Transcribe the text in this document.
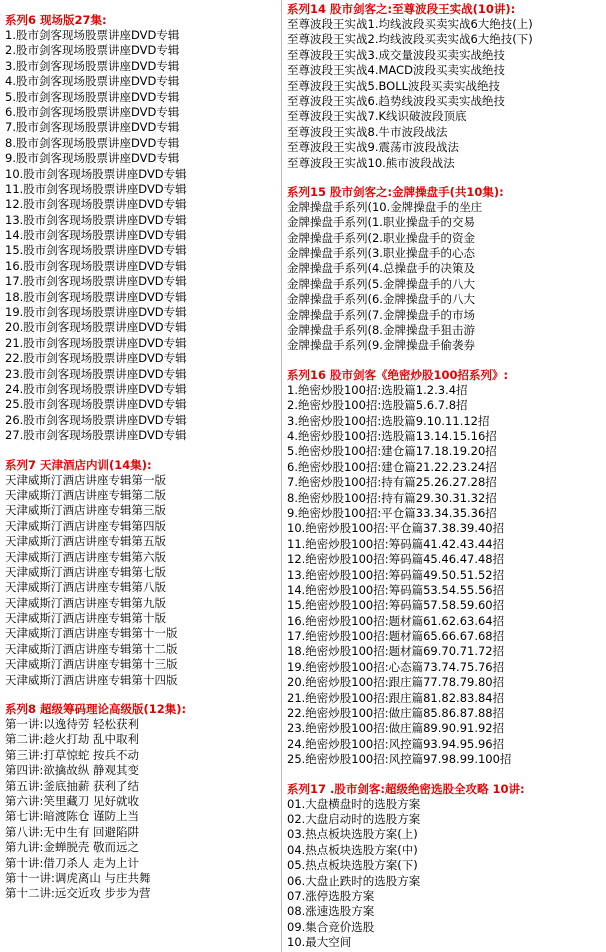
系列6 现场版27集:
1.股市剑客现场股票讲座DVD专辑
2.股市剑客现场股票讲座DVD专辑
3.股市剑客现场股票讲座DVD专辑
4.股市剑客现场股票讲座DVD专辑
5.股市剑客现场股票讲座DVD专辑
6.股市剑客现场股票讲座DVD专辑
7.股市剑客现场股票讲座DVD专辑
8.股市剑客现场股票讲座DVD专辑
9.股市剑客现场股票讲座DVD专辑
10.股市剑客现场股票讲座DVD专辑
11.股市剑客现场股票讲座DVD专辑
12.股市剑客现场股票讲座DVD专辑
13.股市剑客现场股票讲座DVD专辑
14.股市剑客现场股票讲座DVD专辑
15.股市剑客现场股票讲座DVD专辑
16.股市剑客现场股票讲座DVD专辑
17.股市剑客现场股票讲座DVD专辑
18.股市剑客现场股票讲座DVD专辑
19.股市剑客现场股票讲座DVD专辑
20.股市剑客现场股票讲座DVD专辑
21.股市剑客现场股票讲座DVD专辑
22.股市剑客现场股票讲座DVD专辑
23.股市剑客现场股票讲座DVD专辑
24.股市剑客现场股票讲座DVD专辑
25.股市剑客现场股票讲座DVD专辑
26.股市剑客现场股票讲座DVD专辑
27.股市剑客现场股票讲座DVD专辑
系列7 天津酒店内训(14集):
天津威斯汀酒店讲座专辑第一版
天津威斯汀酒店讲座专辑第二版
天津威斯汀酒店讲座专辑第三版
天津威斯汀酒店讲座专辑第四版
天津威斯汀酒店讲座专辑第五版
天津威斯汀酒店讲座专辑第六版
天津威斯汀酒店讲座专辑第七版
天津威斯汀酒店讲座专辑第八版
天津威斯汀酒店讲座专辑第九版
天津威斯汀酒店讲座专辑第十版
天津威斯汀酒店讲座专辑第十一版
天津威斯汀酒店讲座专辑第十二版
天津威斯汀酒店讲座专辑第十三版
天津威斯汀酒店讲座专辑第十四版
系列8 超级筹码理论高级版(12集):
第一讲:以逸待劳 轻松获利
第二讲:趁火打劫 乱中取利
第三讲:打草惊蛇 按兵不动
第四讲:欲擒故纵 静观其变
第五讲:釜底抽薪 获利了结
第六讲:笑里藏刀 见好就收
第七讲:暗渡陈仓 谨防上当
第八讲:无中生有 回避陷阱
第九讲:金蝉脱壳 敬而远之
第十讲:借刀杀人 走为上计
第十一讲:调虎离山 与庄共舞
第十二讲:远交近攻 步步为营
系列14 股市剑客之:至尊波段王实战(10讲):
至尊波段王实战1.均线波段买卖实战6大绝技(上)
至尊波段王实战2.均线波段买卖实战6大绝技(下)
至尊波段王实战3.成交量波段买卖实战绝技
至尊波段王实战4.MACD波段买卖实战绝技
至尊波段王实战5.BOLL波段买卖实战绝技
至尊波段王实战6.趋势线波段买卖实战绝技
至尊波段王实战7.K线识破波段顶底
至尊波段王实战8.牛市波段战法
至尊波段王实战9.震荡市波段战法
至尊波段王实战10.熊市波段战法
系列15 股市剑客之:金牌操盘手(共10集):
金牌操盘手系列(10.金牌操盘手的坐庄
金牌操盘手系列(1.职业操盘手的交易
金牌操盘手系列(2.职业操盘手的资金
金牌操盘手系列(3.职业操盘手的心态
金牌操盘手系列(4.总操盘手的决策及
金牌操盘手系列(5.金牌操盘手的八大
金牌操盘手系列(6.金牌操盘手的八大
金牌操盘手系列(7.金牌操盘手的市场
金牌操盘手系列(8.金牌操盘手狙击游
金牌操盘手系列(9.金牌操盘手偷袭券
系列16 股市剑客《绝密炒股100招系列》:
1.绝密炒股100招:选股篇1.2.3.4招
2.绝密炒股100招:选股篇5.6.7.8招
3.绝密炒股100招:选股篇9.10.11.12招
4.绝密炒股100招:选股篇13.14.15.16招
5.绝密炒股100招:建仓篇17.18.19.20招
6.绝密炒股100招:建仓篇21.22.23.24招
7.绝密炒股100招:持有篇25.26.27.28招
8.绝密炒股100招:持有篇29.30.31.32招
9.绝密炒股100招:平仓篇33.34.35.36招
10.绝密炒股100招:平仓篇37.38.39.40招
11.绝密炒股100招:筹码篇41.42.43.44招
12.绝密炒股100招:筹码篇45.46.47.48招
13.绝密炒股100招:筹码篇49.50.51.52招
14.绝密炒股100招:筹码篇53.54.55.56招
15.绝密炒股100招:筹码篇57.58.59.60招
16.绝密炒股100招:题材篇61.62.63.64招
17.绝密炒股100招:题材篇65.66.67.68招
18.绝密炒股100招:题材篇69.70.71.72招
19.绝密炒股100招:心态篇73.74.75.76招
20.绝密炒股100招:跟庄篇77.78.79.80招
21.绝密炒股100招:跟庄篇81.82.83.84招
22.绝密炒股100招:做庄篇85.86.87.88招
23.绝密炒股100招:做庄篇89.90.91.92招
24.绝密炒股100招:风控篇93.94.95.96招
25.绝密炒股100招:风控篇97.98.99.100招
系列17 .股市剑客:超级绝密选股全攻略 10讲:
01.大盘横盘时的选股方案
02.大盘启动时的选股方案
03.热点板块选股方案(上)
04.热点板块选股方案(中)
05.热点板块选股方案(下)
06.大盘止跌时的选股方案
07.涨停选股方案
08.涨速选股方案
09.集合竞价选股
10.最大空间
